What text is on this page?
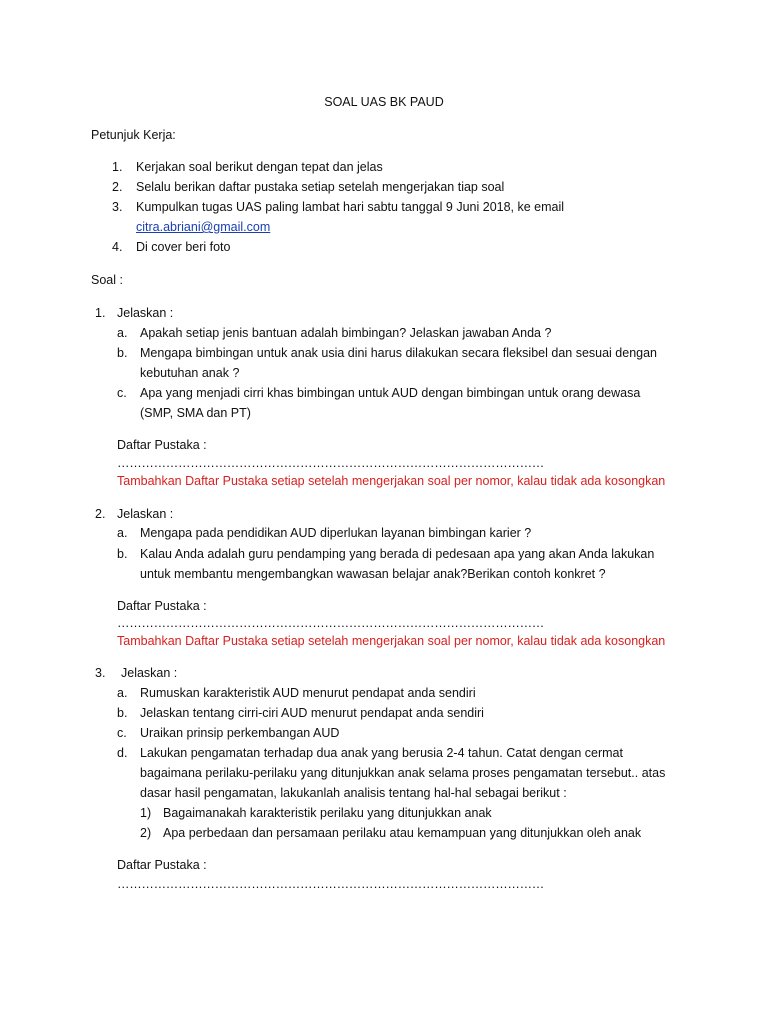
SOAL UAS BK PAUD
Petunjuk Kerja:
1. Kerjakan soal berikut dengan tepat dan jelas
2. Selalu berikan daftar pustaka setiap setelah mengerjakan tiap soal
3. Kumpulkan tugas UAS paling lambat hari sabtu tanggal 9 Juni 2018, ke email
citra.abriani@gmail.com
4. Di cover beri foto
Soal :
1. Jelaskan :
a. Apakah setiap jenis bantuan adalah bimbingan? Jelaskan jawaban Anda ?
b. Mengapa bimbingan untuk anak usia dini harus dilakukan secara fleksibel dan sesuai dengan
kebutuhan anak ?
c. Apa yang menjadi cirri khas bimbingan untuk AUD dengan bimbingan untuk orang dewasa
(SMP, SMA dan PT)
Daftar Pustaka :
……………………………………………………………………………………………
Tambahkan Daftar Pustaka setiap setelah mengerjakan soal per nomor, kalau tidak ada kosongkan
2. Jelaskan :
a. Mengapa pada pendidikan AUD diperlukan layanan bimbingan karier ?
b. Kalau Anda adalah guru pendamping yang berada di pedesaan apa yang akan Anda lakukan
untuk membantu mengembangkan wawasan belajar anak?Berikan contoh konkret ?
Daftar Pustaka :
……………………………………………………………………………………………
Tambahkan Daftar Pustaka setiap setelah mengerjakan soal per nomor, kalau tidak ada kosongkan
3. Jelaskan :
a. Rumuskan karakteristik AUD menurut pendapat anda sendiri
b. Jelaskan tentang cirri-ciri AUD menurut pendapat anda sendiri
c. Uraikan prinsip perkembangan AUD
d. Lakukan pengamatan terhadap dua anak yang berusia 2-4 tahun. Catat dengan cermat
bagaimana perilaku-perilaku yang ditunjukkan anak selama proses pengamatan tersebut.. atas
dasar hasil pengamatan, lakukanlah analisis tentang hal-hal sebagai berikut :
1) Bagaimanakah karakteristik perilaku yang ditunjukkan anak
2) Apa perbedaan dan persamaan perilaku atau kemampuan yang ditunjukkan oleh anak
Daftar Pustaka :
……………………………………………………………………………………………
